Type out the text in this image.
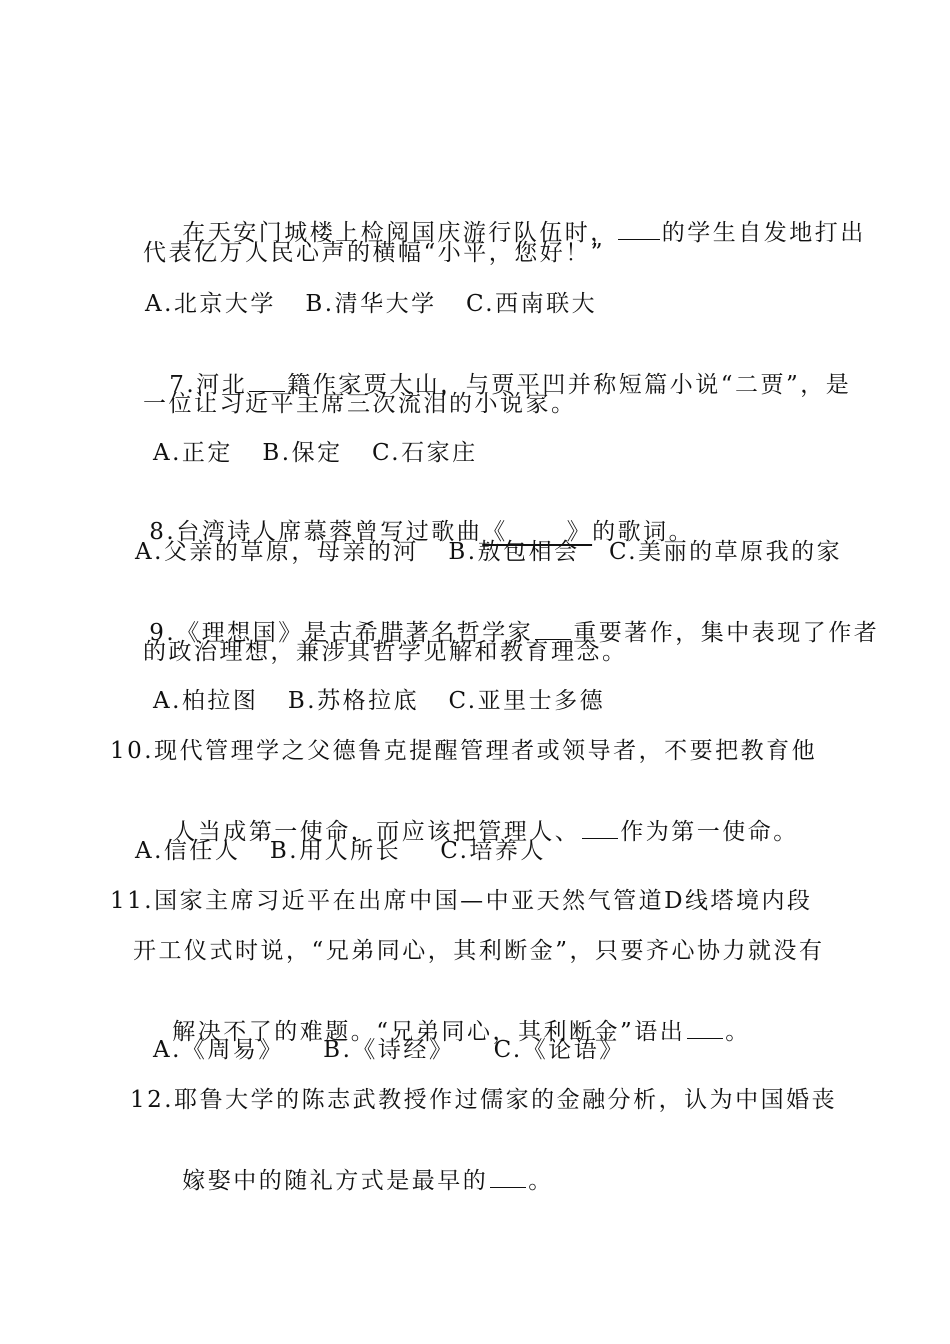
在天安门城楼上检阅国庆游行队伍时， 的学生自发地打出

代表亿万人民心声的横幅“小平，您好！”
A.北京大学   B.清华大学   C.西南联大

7.河北 籍作家贾大山，与贾平凹并称短篇小说“二贾”，是

一位让习近平主席三次流泪的小说家。
A.正定   B.保定   C.石家庄

8.台湾诗人席慕蓉曾写过歌曲《      》的歌词。

A.父亲的草原，母亲的河   B.敖包相会   C.美丽的草原我的家

9.《理想国》是古希腊著名哲学家 重要著作，集中表现了作者

的政治理想，兼涉其哲学见解和教育理念。
A.柏拉图   B.苏格拉底   C.亚里士多德
10.现代管理学之父德鲁克提醒管理者或领导者，不要把教育他

人当成第一使命，而应该把管理人、 作为第一使命。

A.信任人   B.用人所长    C.培养人
11.国家主席习近平在出席中国—中亚天然气管道D线塔境内段
开工仪式时说，“兄弟同心，其利断金”，只要齐心协力就没有

解决不了的难题。“兄弟同心，其利断金”语出 。

A.《周易》    B.《诗经》    C.《论语》
12.耶鲁大学的陈志武教授作过儒家的金融分析，认为中国婚丧

嫁娶中的随礼方式是最早的 。
